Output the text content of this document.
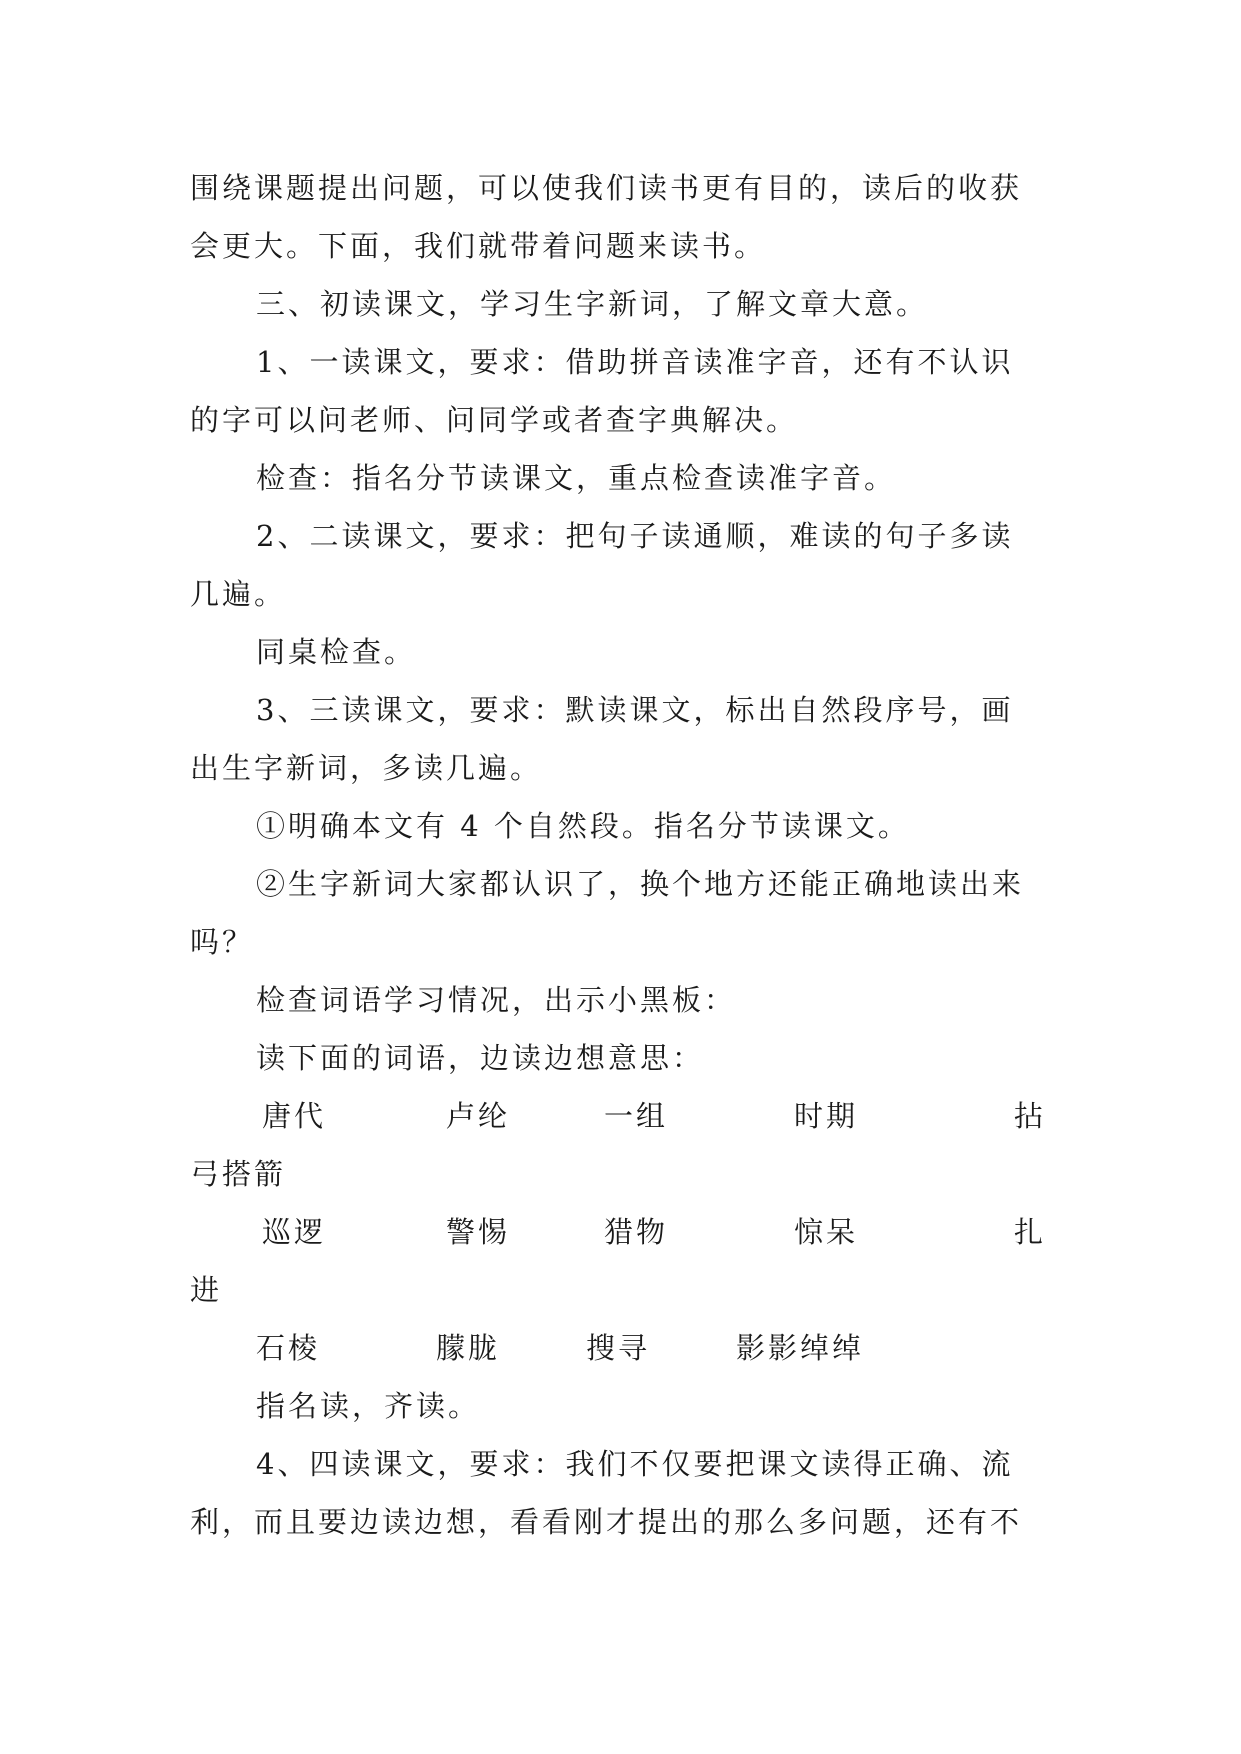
围绕课题提出问题，可以使我们读书更有目的，读后的收获
会更大。下面，我们就带着问题来读书。
三、初读课文，学习生字新词，了解文章大意。
1、一读课文，要求：借助拼音读准字音，还有不认识
的字可以问老师、问同学或者查字典解决。
检查：指名分节读课文，重点检查读准字音。
2、二读课文，要求：把句子读通顺，难读的句子多读
几遍。
同桌检查。
3、三读课文，要求：默读课文，标出自然段序号，画
出生字新词，多读几遍。
①明确本文有 4 个自然段。指名分节读课文。
②生字新词大家都认识了，换个地方还能正确地读出来
吗？
检查词语学习情况，出示小黑板：
读下面的词语，边读边想意思：
唐代	卢纶	一组	时期	拈
弓搭箭
巡逻	警惕	猎物	惊呆	扎
进
石棱	朦胧	搜寻	影影绰绰
指名读，齐读。
4、四读课文，要求：我们不仅要把课文读得正确、流
利，而且要边读边想，看看刚才提出的那么多问题，还有不
